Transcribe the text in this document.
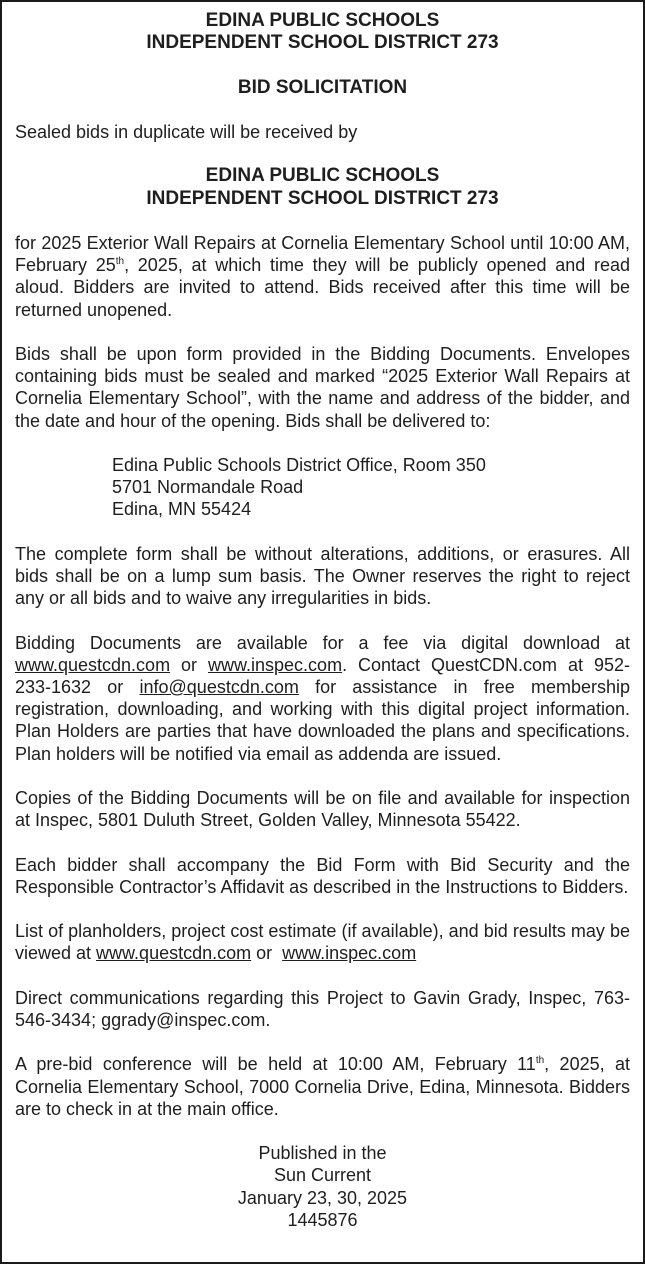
EDINA PUBLIC SCHOOLS
INDEPENDENT SCHOOL DISTRICT 273
BID SOLICITATION

Sealed bids in duplicate will be received by

EDINA PUBLIC SCHOOLS
INDEPENDENT SCHOOL DISTRICT 273

for 2025 Exterior Wall Repairs at Cornelia Elementary School until 10:00 AM, February 25th, 2025, at which time they will be publicly opened and read aloud. Bidders are invited to attend. Bids received after this time will be returned unopened.

Bids shall be upon form provided in the Bidding Documents. Envelopes containing bids must be sealed and marked “2025 Exterior Wall Repairs at Cornelia Elementary School”, with the name and address of the bidder, and the date and hour of the opening. Bids shall be delivered to:

Edina Public Schools District Office, Room 350
5701 Normandale Road
Edina, MN 55424

The complete form shall be without alterations, additions, or erasures. All bids shall be on a lump sum basis. The Owner reserves the right to reject any or all bids and to waive any irregularities in bids.

Bidding Documents are available for a fee via digital download at www.questcdn.com or www.inspec.com. Contact QuestCDN.com at 952-233-1632 or info@questcdn.com for assistance in free membership registration, downloading, and working with this digital project information. Plan Holders are parties that have downloaded the plans and specifications. Plan holders will be notified via email as addenda are issued.

Copies of the Bidding Documents will be on file and available for inspection at Inspec, 5801 Duluth Street, Golden Valley, Minnesota 55422.

Each bidder shall accompany the Bid Form with Bid Security and the Responsible Contractor’s Affidavit as described in the Instructions to Bidders.

List of planholders, project cost estimate (if available), and bid results may be viewed at www.questcdn.com or  www.inspec.com

Direct communications regarding this Project to Gavin Grady, Inspec, 763-546-3434; ggrady@inspec.com.

A pre-bid conference will be held at 10:00 AM, February 11th, 2025, at Cornelia Elementary School, 7000 Cornelia Drive, Edina, Minnesota. Bidders are to check in at the main office.

Published in the
Sun Current
January 23, 30, 2025
1445876
